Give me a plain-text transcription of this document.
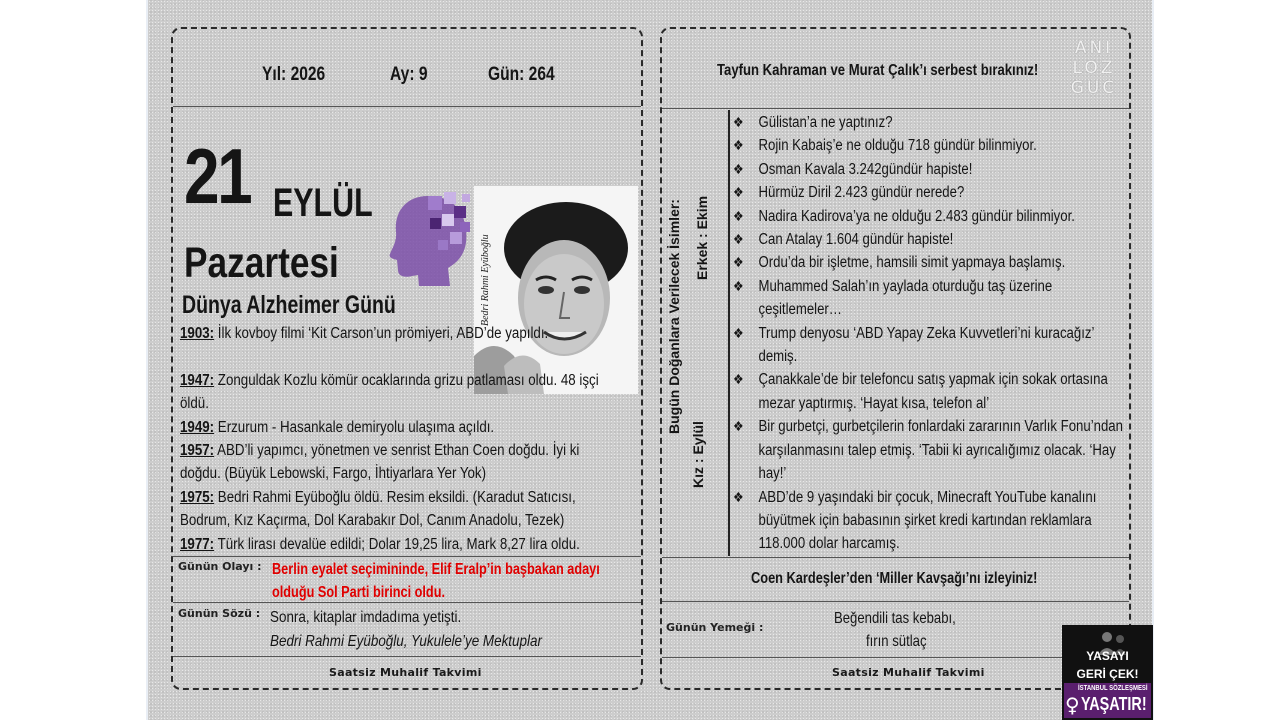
Yıl: 2026	Ay: 9	Gün: 264
21 EYLÜL
Pazartesi
Dünya Alzheimer Günü	Bedri Rahmi Eyüboğlu
1903: İlk kovboy filmi ‘Kit Carson’un prömiyeri, ABD’de yapıldı.
1947: Zonguldak Kozlu kömür ocaklarında grizu patlaması oldu. 48 işçi öldü.
1949: Erzurum - Hasankale demiryolu ulaşıma açıldı.
1957: ABD’li yapımcı, yönetmen ve senrist Ethan Coen doğdu. İyi ki doğdu. (Büyük Lebowski, Fargo, İhtiyarlara Yer Yok)
1975: Bedri Rahmi Eyüboğlu öldü. Resim eksildi. (Karadut Satıcısı, Bodrum, Kız Kaçırma, Dol Karabakır Dol, Canım Anadolu, Tezek)
1977: Türk lirası devalüe edildi; Dolar 19,25 lira, Mark 8,27 lira oldu.
Günün Olayı : Berlin eyalet seçimininde, Elif Eralp’in başbakan adayı
olduğu Sol Parti birinci oldu.
Günün Sözü : Sonra, kitaplar imdadıma yetişti.
Bedri Rahmi Eyüboğlu, Yukulele’ye Mektuplar
Saatsiz Muhalif Takvimi
Tayfun Kahraman ve Murat Çalık’ı serbest bırakınız!
ANI
LOZ
GUC
Bugün Doğanlara Verilecek İsimler:
Kız : Eylül
Erkek : Ekim
❖ Gülistan’a ne yaptınız?
❖ Rojin Kabaiş’e ne olduğu 718 gündür bilinmiyor.
❖ Osman Kavala 3.242gündür hapiste!
❖ Hürmüz Diril 2.423 gündür nerede?
❖ Nadira Kadirova’ya ne olduğu 2.483 gündür bilinmiyor.
❖ Can Atalay 1.604 gündür hapiste!
❖ Ordu’da bir işletme, hamsili simit yapmaya başlamış.
❖ Muhammed Salah’ın yaylada oturduğu taş üzerine çeşitlemeler…
❖ Trump denyosu ‘ABD Yapay Zeka Kuvvetleri’ni kuracağız’ demiş.
❖ Çanakkale’de bir telefoncu satış yapmak için sokak ortasına mezar yaptırmış. ‘Hayat kısa, telefon al’
❖ Bir gurbetçi, gurbetçilerin fonlardaki zararının Varlık Fonu’ndan karşılanmasını talep etmiş. ‘Tabii ki ayrıcalığımız olacak. ‘Hay hay!’
❖ ABD’de 9 yaşındaki bir çocuk, Minecraft YouTube kanalını büyütmek için babasının şirket kredi kartından reklamlara 118.000 dolar harcamış.
Coen Kardeşler’den ‘Miller Kavşağı’nı izleyiniz!
Günün Yemeği :
Beğendili tas kebabı,
fırın sütlaç
Saatsiz Muhalif Takvimi
YASAYI
GERİ ÇEK!
İSTANBUL SÖZLEŞMESİ
♀ YAŞATIR!
